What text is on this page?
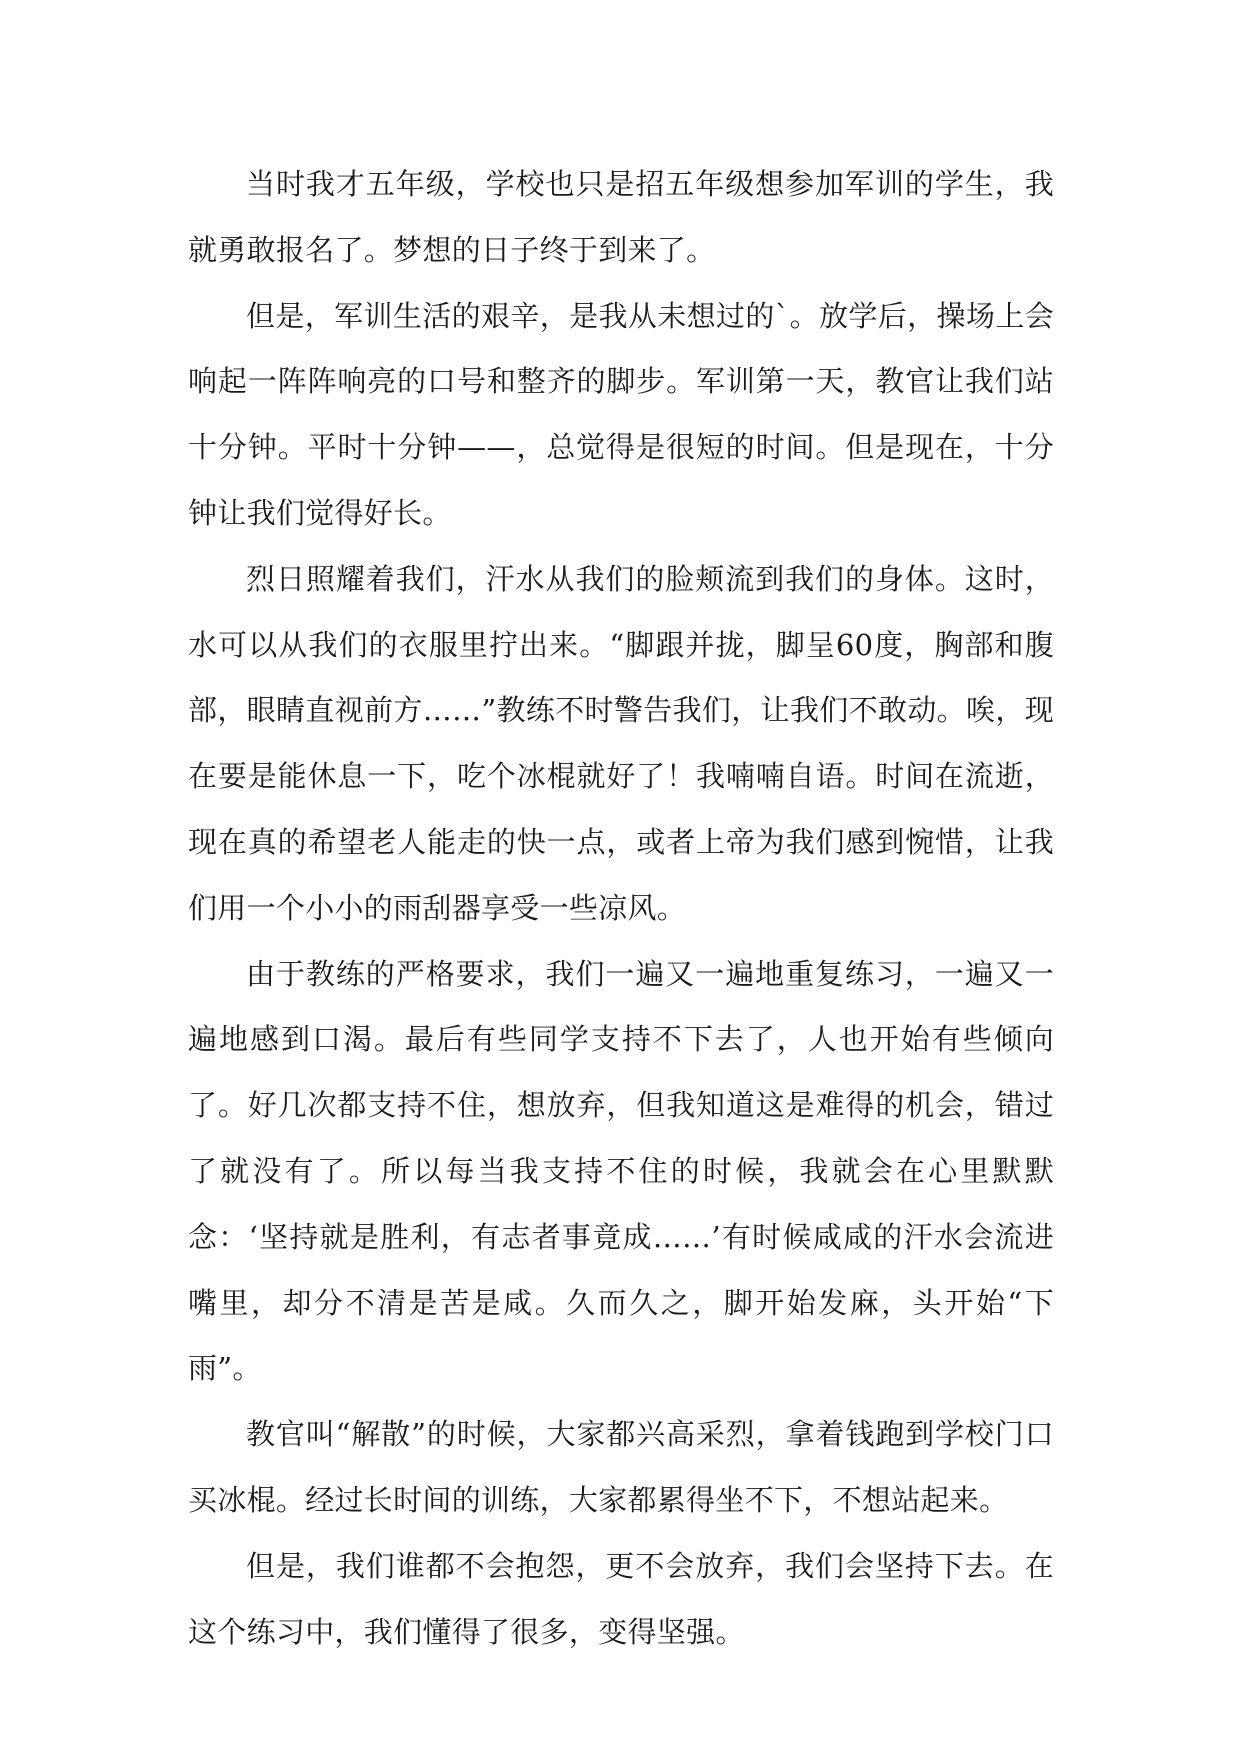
当时我才五年级，学校也只是招五年级想参加军训的学生，我就勇敢报名了。梦想的日子终于到来了。

但是，军训生活的艰辛，是我从未想过的`。放学后，操场上会响起一阵阵响亮的口号和整齐的脚步。军训第一天，教官让我们站十分钟。平时十分钟——，总觉得是很短的时间。但是现在，十分钟让我们觉得好长。

烈日照耀着我们，汗水从我们的脸颊流到我们的身体。这时，水可以从我们的衣服里拧出来。“脚跟并拢，脚呈60度，胸部和腹部，眼睛直视前方……”教练不时警告我们，让我们不敢动。唉，现在要是能休息一下，吃个冰棍就好了！我喃喃自语。时间在流逝，现在真的希望老人能走的快一点，或者上帝为我们感到惋惜，让我们用一个小小的雨刮器享受一些凉风。

由于教练的严格要求，我们一遍又一遍地重复练习，一遍又一遍地感到口渴。最后有些同学支持不下去了，人也开始有些倾向了。好几次都支持不住，想放弃，但我知道这是难得的机会，错过了就没有了。所以每当我支持不住的时候，我就会在心里默默念：‘坚持就是胜利，有志者事竟成……’有时候咸咸的汗水会流进嘴里，却分不清是苦是咸。久而久之，脚开始发麻，头开始“下雨”。

教官叫“解散”的时候，大家都兴高采烈，拿着钱跑到学校门口买冰棍。经过长时间的训练，大家都累得坐不下，不想站起来。

但是，我们谁都不会抱怨，更不会放弃，我们会坚持下去。在这个练习中，我们懂得了很多，变得坚强。
